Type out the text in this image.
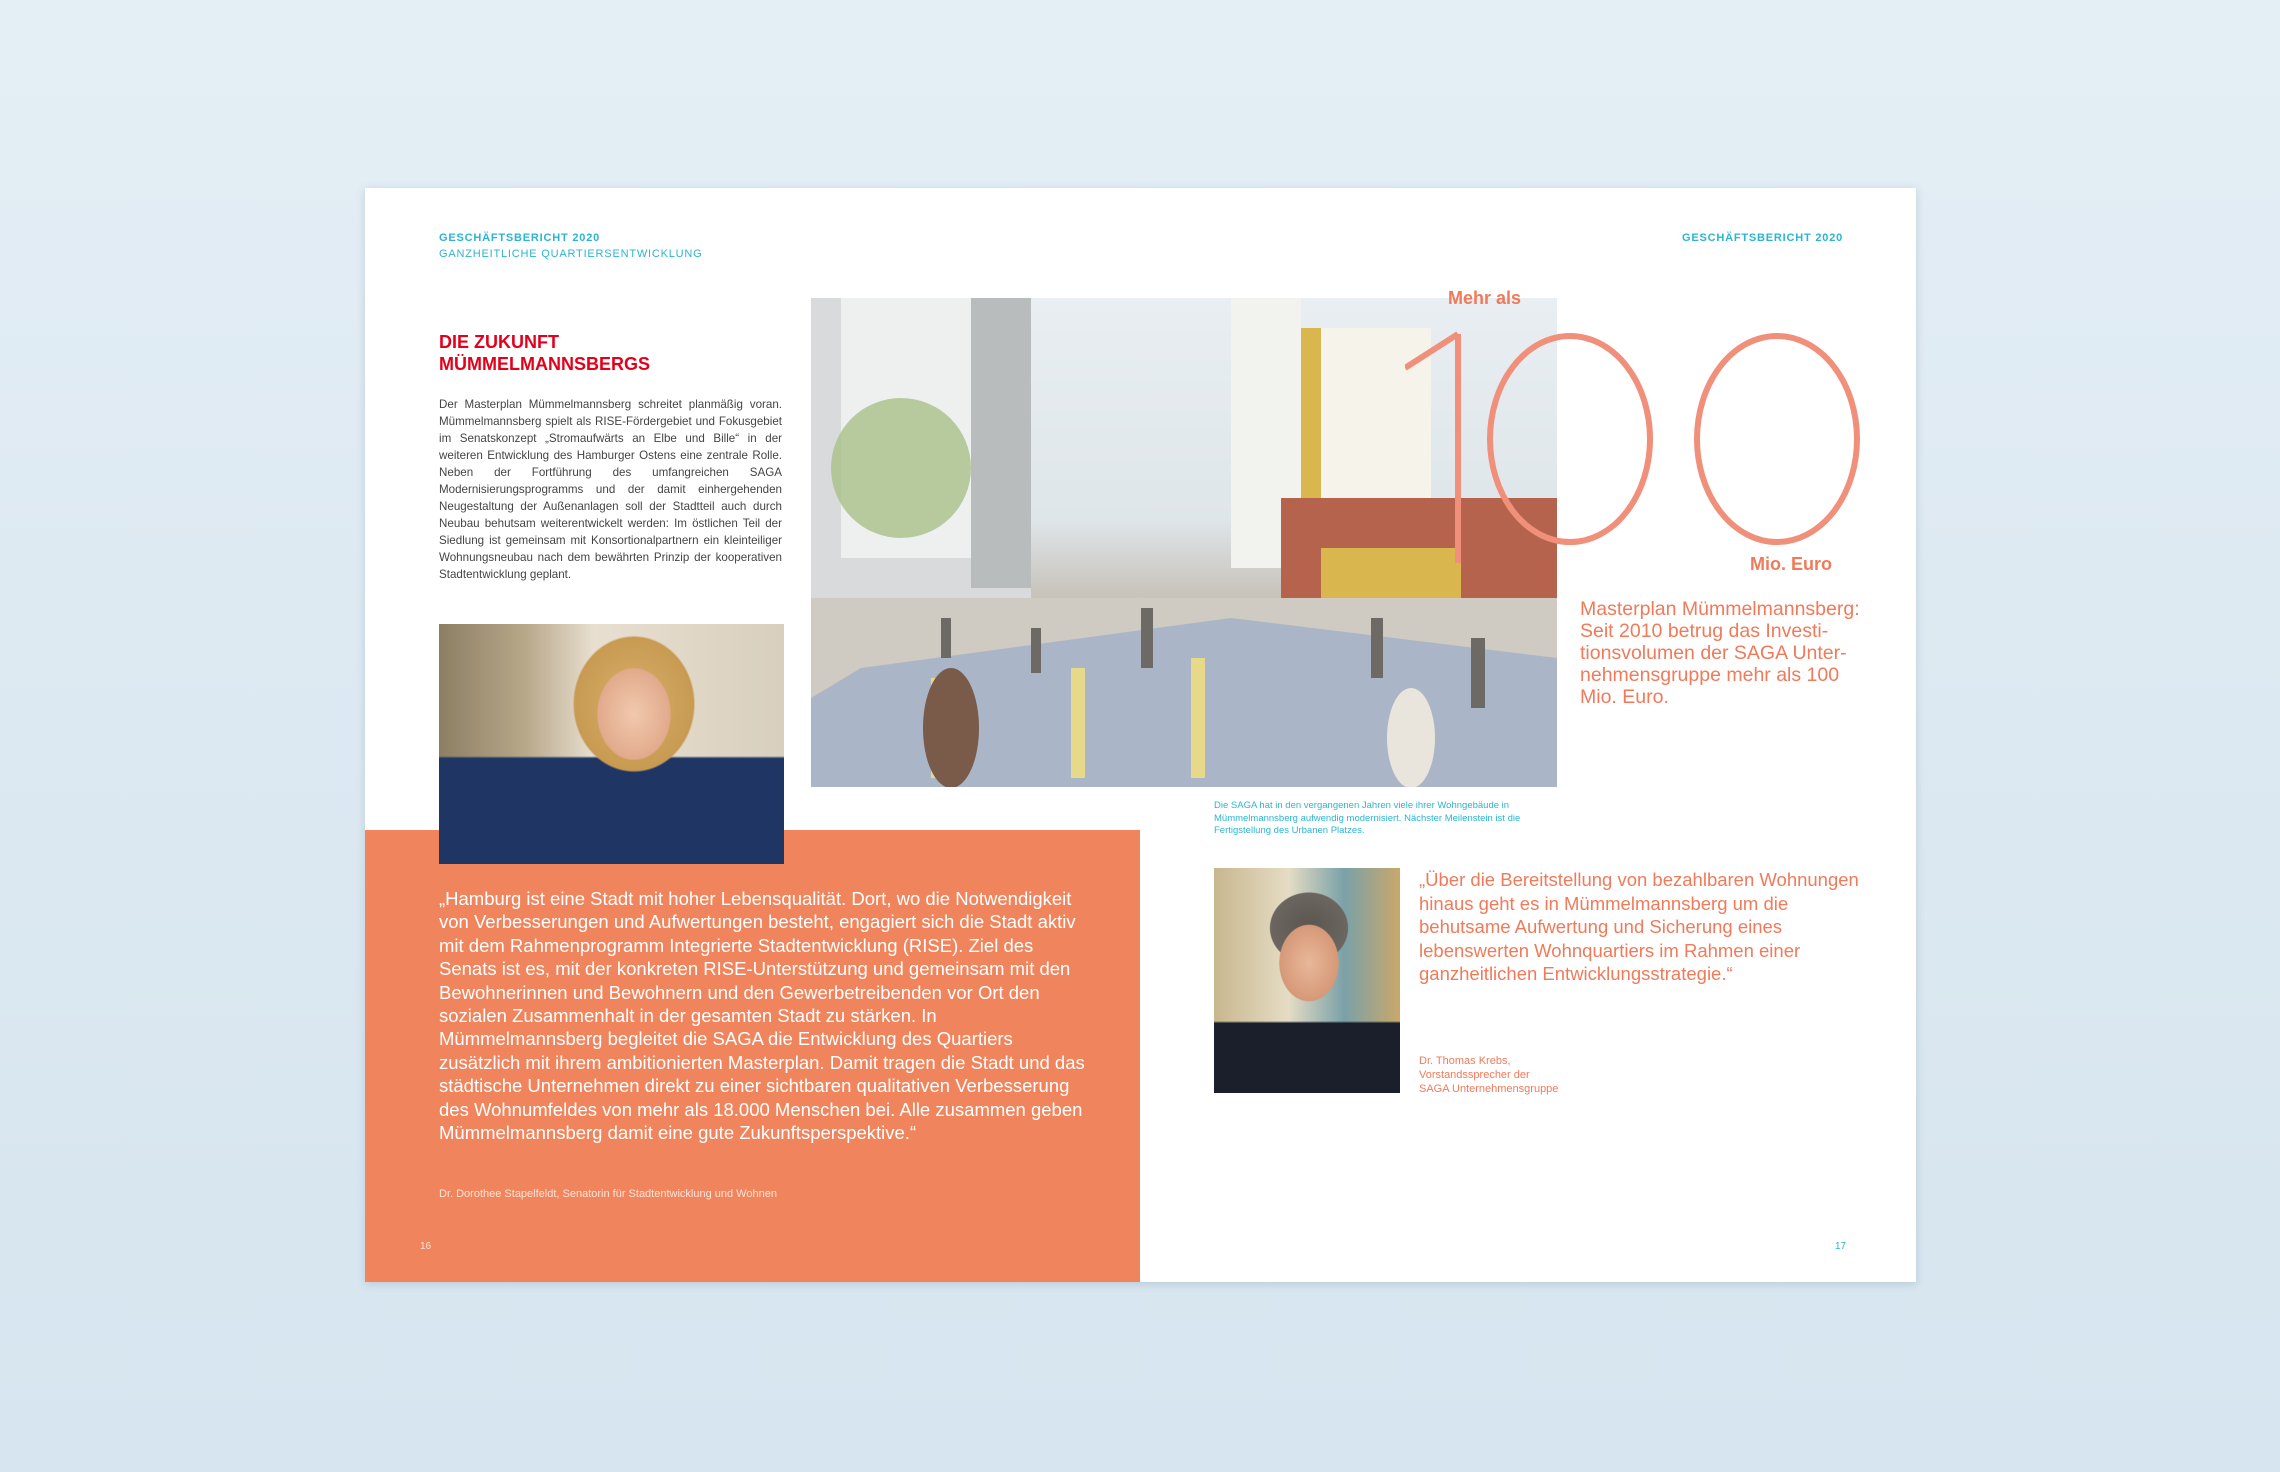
GESCHÄFTSBERICHT 2020
GANZHEITLICHE QUARTIERSENTWICKLUNG
DIE ZUKUNFT
MÜMMELMANNSBERGS
Der Masterplan Mümmelmannsberg schreitet planmäßig voran. Mümmelmannsberg spielt als RISE-Fördergebiet und Fokusgebiet im Senatskonzept „Stromaufwärts an Elbe und Bille“ in der weiteren Entwicklung des Hamburger Ostens eine zentrale Rolle. Neben der Fortführung des umfangreichen SAGA Modernisierungsprogramms und der damit einhergehenden Neugestaltung der Außenanlagen soll der Stadtteil auch durch Neubau behutsam weiterentwickelt werden: Im östlichen Teil der Siedlung ist gemeinsam mit Konsortionalpartnern ein kleinteiliger Wohnungsneubau nach dem bewährten Prinzip der kooperativen Stadtentwicklung geplant.
„Hamburg ist eine Stadt mit hoher Lebensqualität. Dort, wo die Notwendigkeit von Verbesserungen und Aufwertungen besteht, engagiert sich die Stadt aktiv mit dem Rahmenprogramm Integrierte Stadtentwicklung (RISE). Ziel des Senats ist es, mit der konkreten RISE-Unterstützung und gemeinsam mit den Bewohnerinnen und Bewohnern und den Gewerbetreibenden vor Ort den sozialen Zusammenhalt in der gesamten Stadt zu stärken. In Mümmelmannsberg begleitet die SAGA die Entwicklung des Quartiers zusätzlich mit ihrem ambitionierten Masterplan. Damit tragen die Stadt und das städtische Unternehmen direkt zu einer sichtbaren qualitativen Verbesserung des Wohnumfeldes von mehr als 18.000 Menschen bei. Alle zusammen geben Mümmelmannsberg damit eine gute Zukunftsperspektive.“
Dr. Dorothee Stapelfeldt, Senatorin für Stadtentwicklung und Wohnen
16
GESCHÄFTSBERICHT 2020
Mehr als
Mio. Euro
Masterplan Mümmelmannsberg: Seit 2010 betrug das Investitionsvolumen der SAGA Unternehmensgruppe mehr als 100 Mio. Euro.
Die SAGA hat in den vergangenen Jahren viele ihrer Wohngebäude in Mümmelmannsberg aufwendig modernisiert. Nächster Meilenstein ist die Fertigstellung des Urbanen Platzes.
„Über die Bereitstellung von bezahlbaren Wohnungen hinaus geht es in Mümmelmannsberg um die behutsame Aufwertung und Sicherung eines lebenswerten Wohnquartiers im Rahmen einer ganzheitlichen Entwicklungsstrategie.“
Dr. Thomas Krebs,
Vorstandssprecher der
SAGA Unternehmensgruppe
17
